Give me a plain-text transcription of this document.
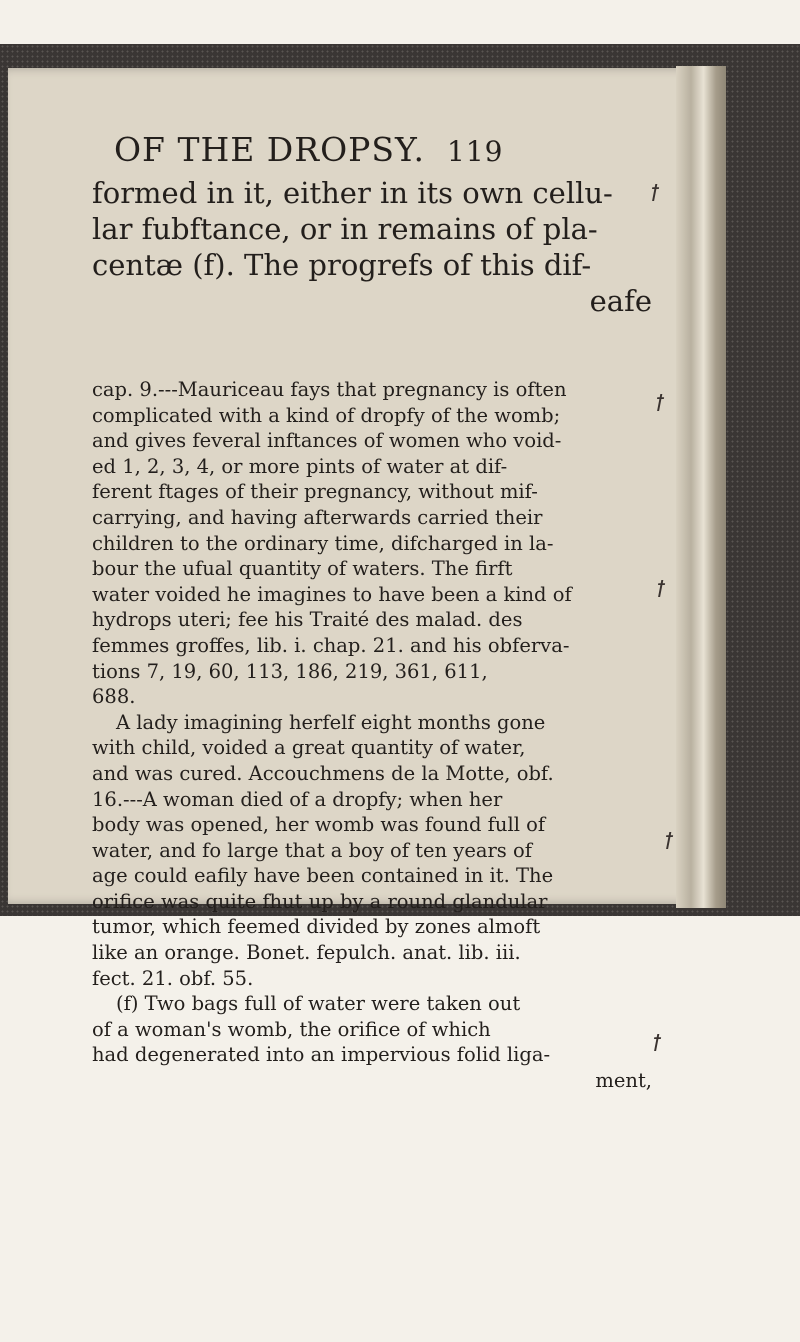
OF THE DROPSY. 119

formed in it, either in its own cellu-
lar fubftance, or in remains of pla-
centæ (f). The progrefs of this dif-
eafe

cap. 9.---Mauriceau fays that pregnancy is often
complicated with a kind of dropfy of the womb;
and gives feveral inftances of women who void-
ed 1, 2, 3, 4, or more pints of water at dif-
ferent ftages of their pregnancy, without mif-
carrying, and having afterwards carried their
children to the ordinary time, difcharged in la-
bour the ufual quantity of waters. The firft
water voided he imagines to have been a kind of
hydrops uteri; fee his Traité des malad. des
femmes groffes, lib. i. chap. 21. and his obferva-
tions 7, 19, 60, 113, 186, 219, 361, 611,
688.
A lady imagining herfelf eight months gone
with child, voided a great quantity of water,
and was cured. Accouchmens de la Motte, obf.
16.---A woman died of a dropfy; when her
body was opened, her womb was found full of
water, and fo large that a boy of ten years of
age could eafily have been contained in it. The
orifice was quite fhut up by a round glandular
tumor, which feemed divided by zones almoft
like an orange. Bonet. fepulch. anat. lib. iii.
fect. 21. obf. 55.
(f) Two bags full of water were taken out
of a woman's womb, the orifice of which
had degenerated into an impervious folid liga-
ment,
ꝉ
ꝉ
ꝉ
ꝉ
ꝉ
